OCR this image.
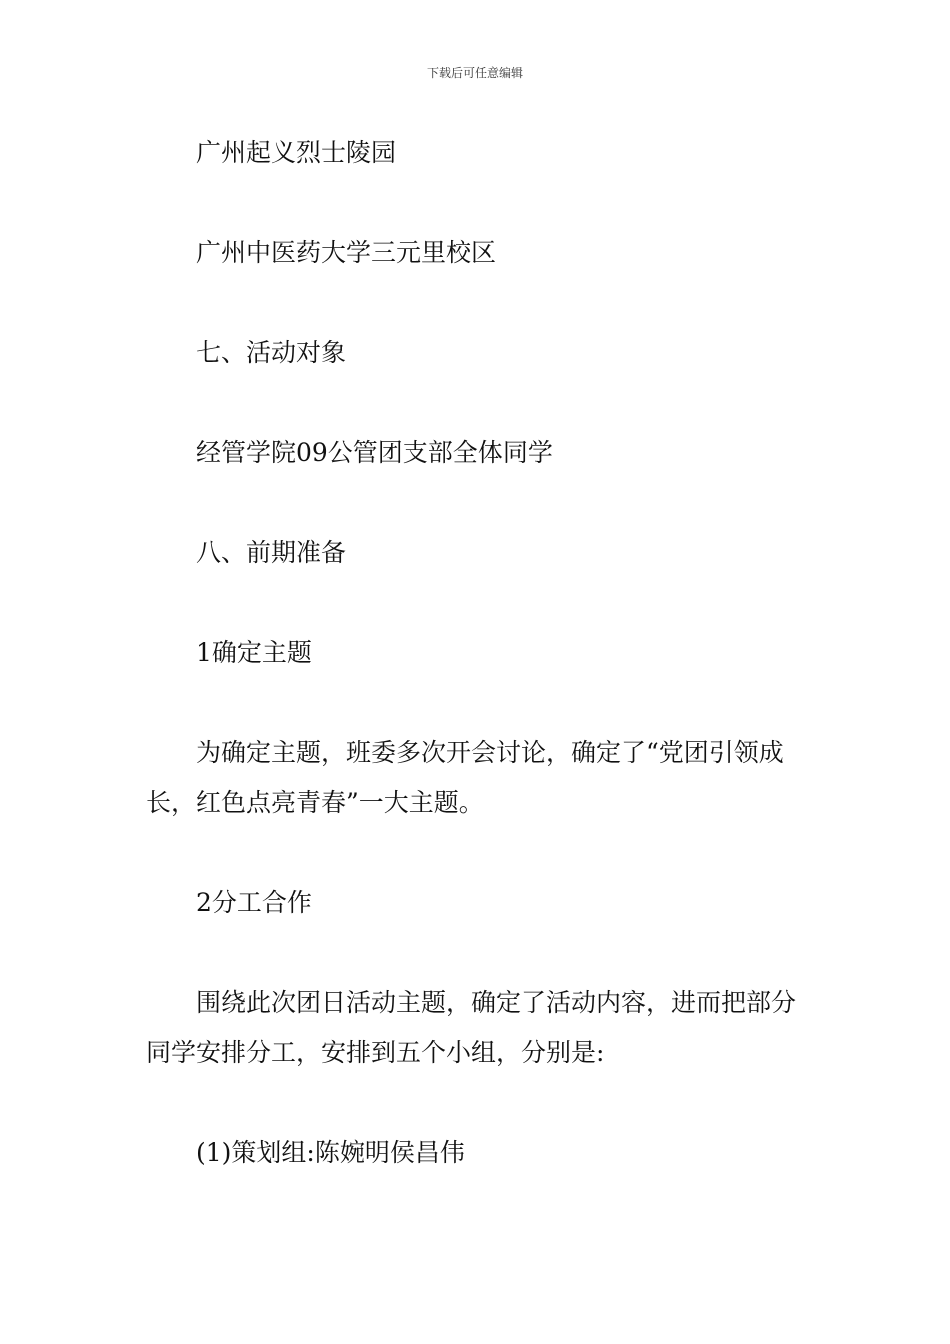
下载后可任意编辑

广州起义烈士陵园

广州中医药大学三元里校区

七、活动对象

经管学院09公管团支部全体同学

八、前期准备

1确定主题

为确定主题，班委多次开会讨论，确定了“党团引领成长，红色点亮青春”一大主题。

2分工合作

围绕此次团日活动主题，确定了活动内容，进而把部分同学安排分工，安排到五个小组，分别是:

(1)策划组:陈婉明侯昌伟
